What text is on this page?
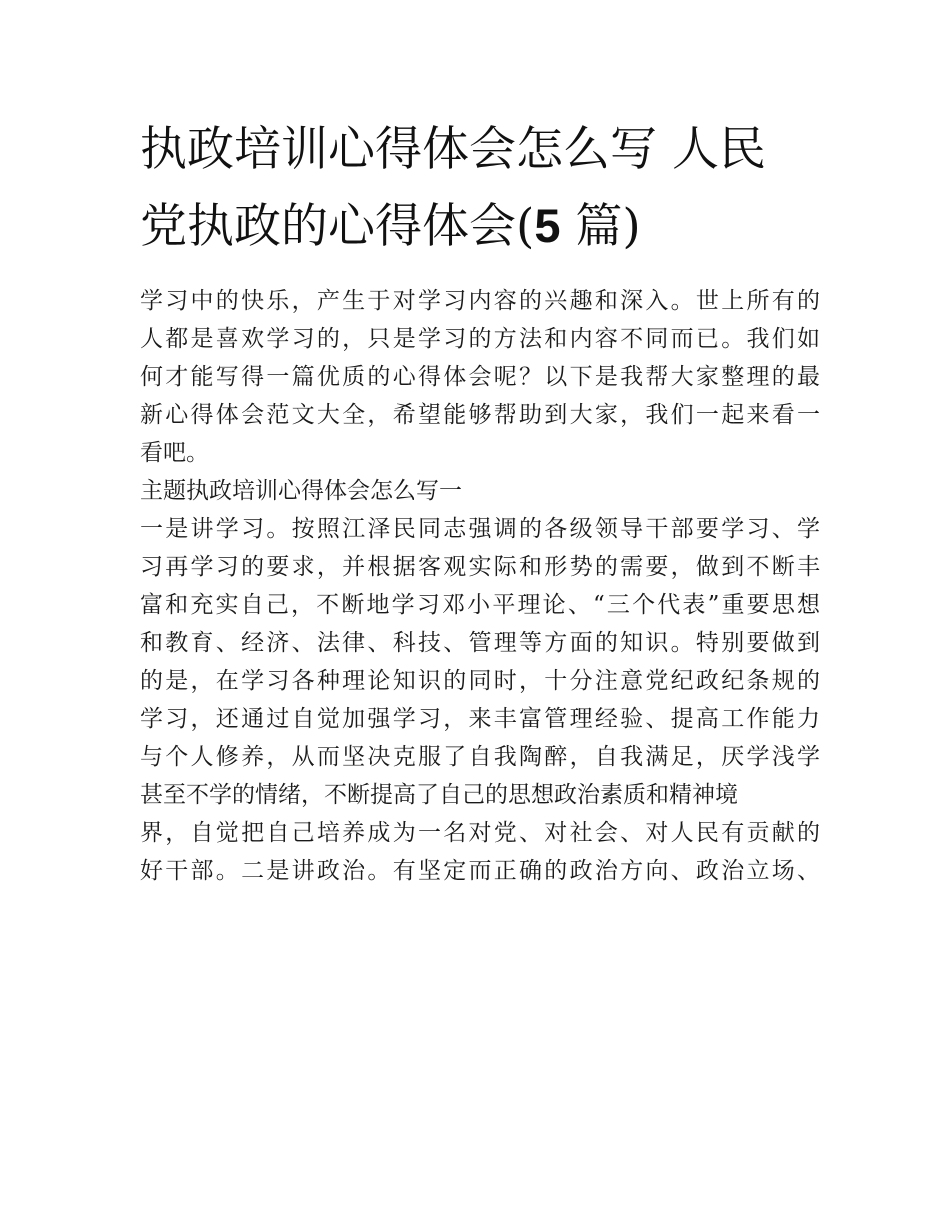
执政培训心得体会怎么写 人民
党执政的心得体会(5 篇)
学习中的快乐，产生于对学习内容的兴趣和深入。世上所有的
人都是喜欢学习的，只是学习的方法和内容不同而已。我们如
何才能写得一篇优质的心得体会呢？以下是我帮大家整理的最
新心得体会范文大全，希望能够帮助到大家，我们一起来看一
看吧。
主题执政培训心得体会怎么写一
一是讲学习。按照江泽民同志强调的各级领导干部要学习、学
习再学习的要求，并根据客观实际和形势的需要，做到不断丰
富和充实自己，不断地学习邓小平理论、“三个代表”重要思想
和教育、经济、法律、科技、管理等方面的知识。特别要做到
的是，在学习各种理论知识的同时，十分注意党纪政纪条规的
学习，还通过自觉加强学习，来丰富管理经验、提高工作能力
与个人修养，从而坚决克服了自我陶醉，自我满足，厌学浅学
甚至不学的情绪，不断提高了自己的思想政治素质和精神境
界，自觉把自己培养成为一名对党、对社会、对人民有贡献的
好干部。二是讲政治。有坚定而正确的政治方向、政治立场、
